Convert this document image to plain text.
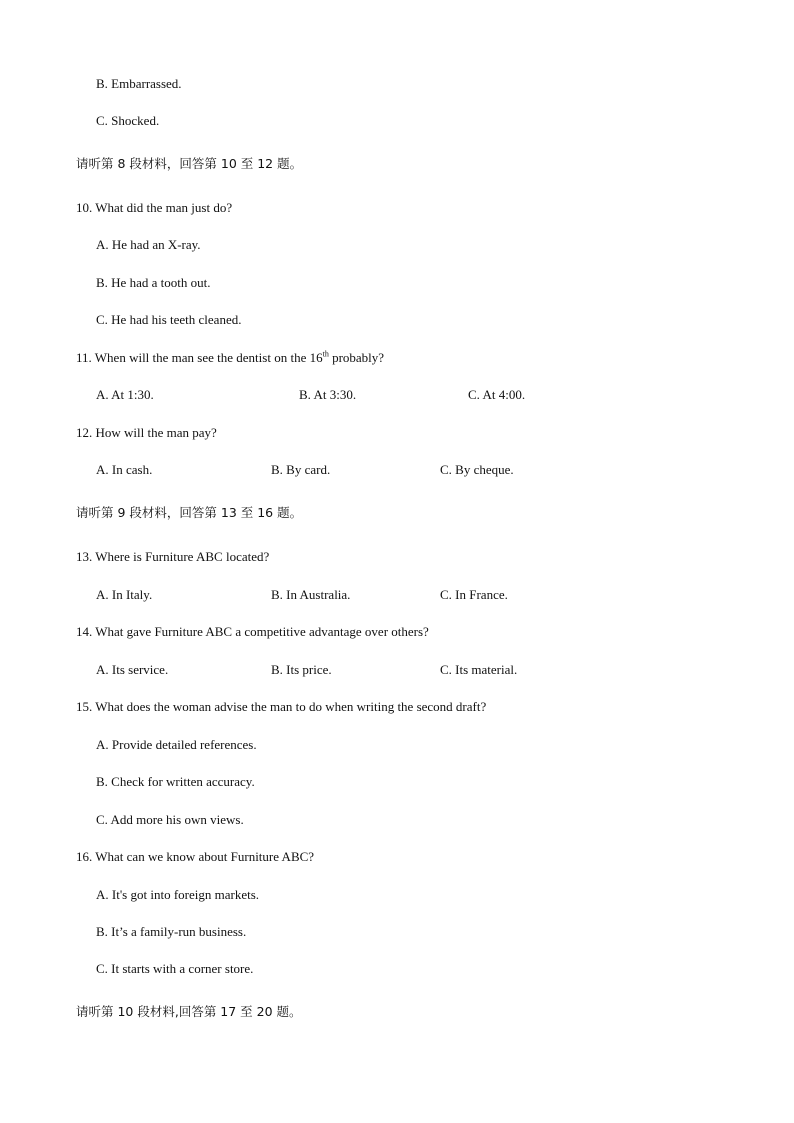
B. Embarrassed.
C. Shocked.
请听第 8 段材料，回答第 10 至 12 题。
10. What did the man just do?
A. He had an X-ray.
B. He had a tooth out.
C. He had his teeth cleaned.
11. When will the man see the dentist on the 16th probably?
A. At 1:30.	B. At 3:30.	C. At 4:00.
12. How will the man pay?
A. In cash.	B. By card.	C. By cheque.
请听第 9 段材料，回答第 13 至 16 题。
13. Where is Furniture ABC located?
A. In Italy.	B. In Australia.	C. In France.
14. What gave Furniture ABC a competitive advantage over others?
A. Its service.	B. Its price.	C. Its material.
15. What does the woman advise the man to do when writing the second draft?
A. Provide detailed references.
B. Check for written accuracy.
C. Add more his own views.
16. What can we know about Furniture ABC?
A. It's got into foreign markets.
B. It’s a family-run business.
C. It starts with a corner store.
请听第 10 段材料,回答第 17 至 20 题。
